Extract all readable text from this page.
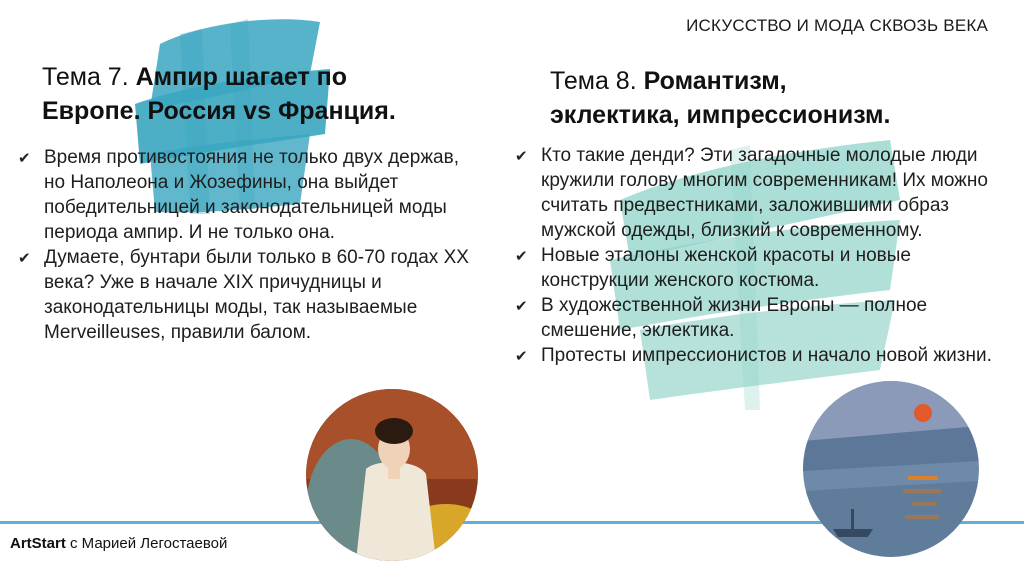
ИСКУССТВО И МОДА СКВОЗЬ ВЕКА
Тема 7. Ампир шагает по
Европе. Россия vs Франция.
✔ Время противостояния не только двух держав, но Наполеона и Жозефины, она выйдет победительницей и законодательницей моды периода ампир. И не только она.
✔ Думаете, бунтари были только в 60-70 годах XX века? Уже в начале XIX причудницы и законодательницы моды, так называемые Merveilleuses, правили балом.
Тема 8. Романтизм,
эклектика, импрессионизм.
✔ Кто такие денди? Эти загадочные молодые люди кружили голову многим современникам! Их можно считать предвестниками, заложившими образ мужской одежды, близкий к современному.
✔ Новые эталоны женской красоты и новые конструкции женского костюма.
✔ В художественной жизни Европы — полное смешение, эклектика.
✔ Протесты импрессионистов и начало новой жизни.
ArtStart с Марией Легостаевой
